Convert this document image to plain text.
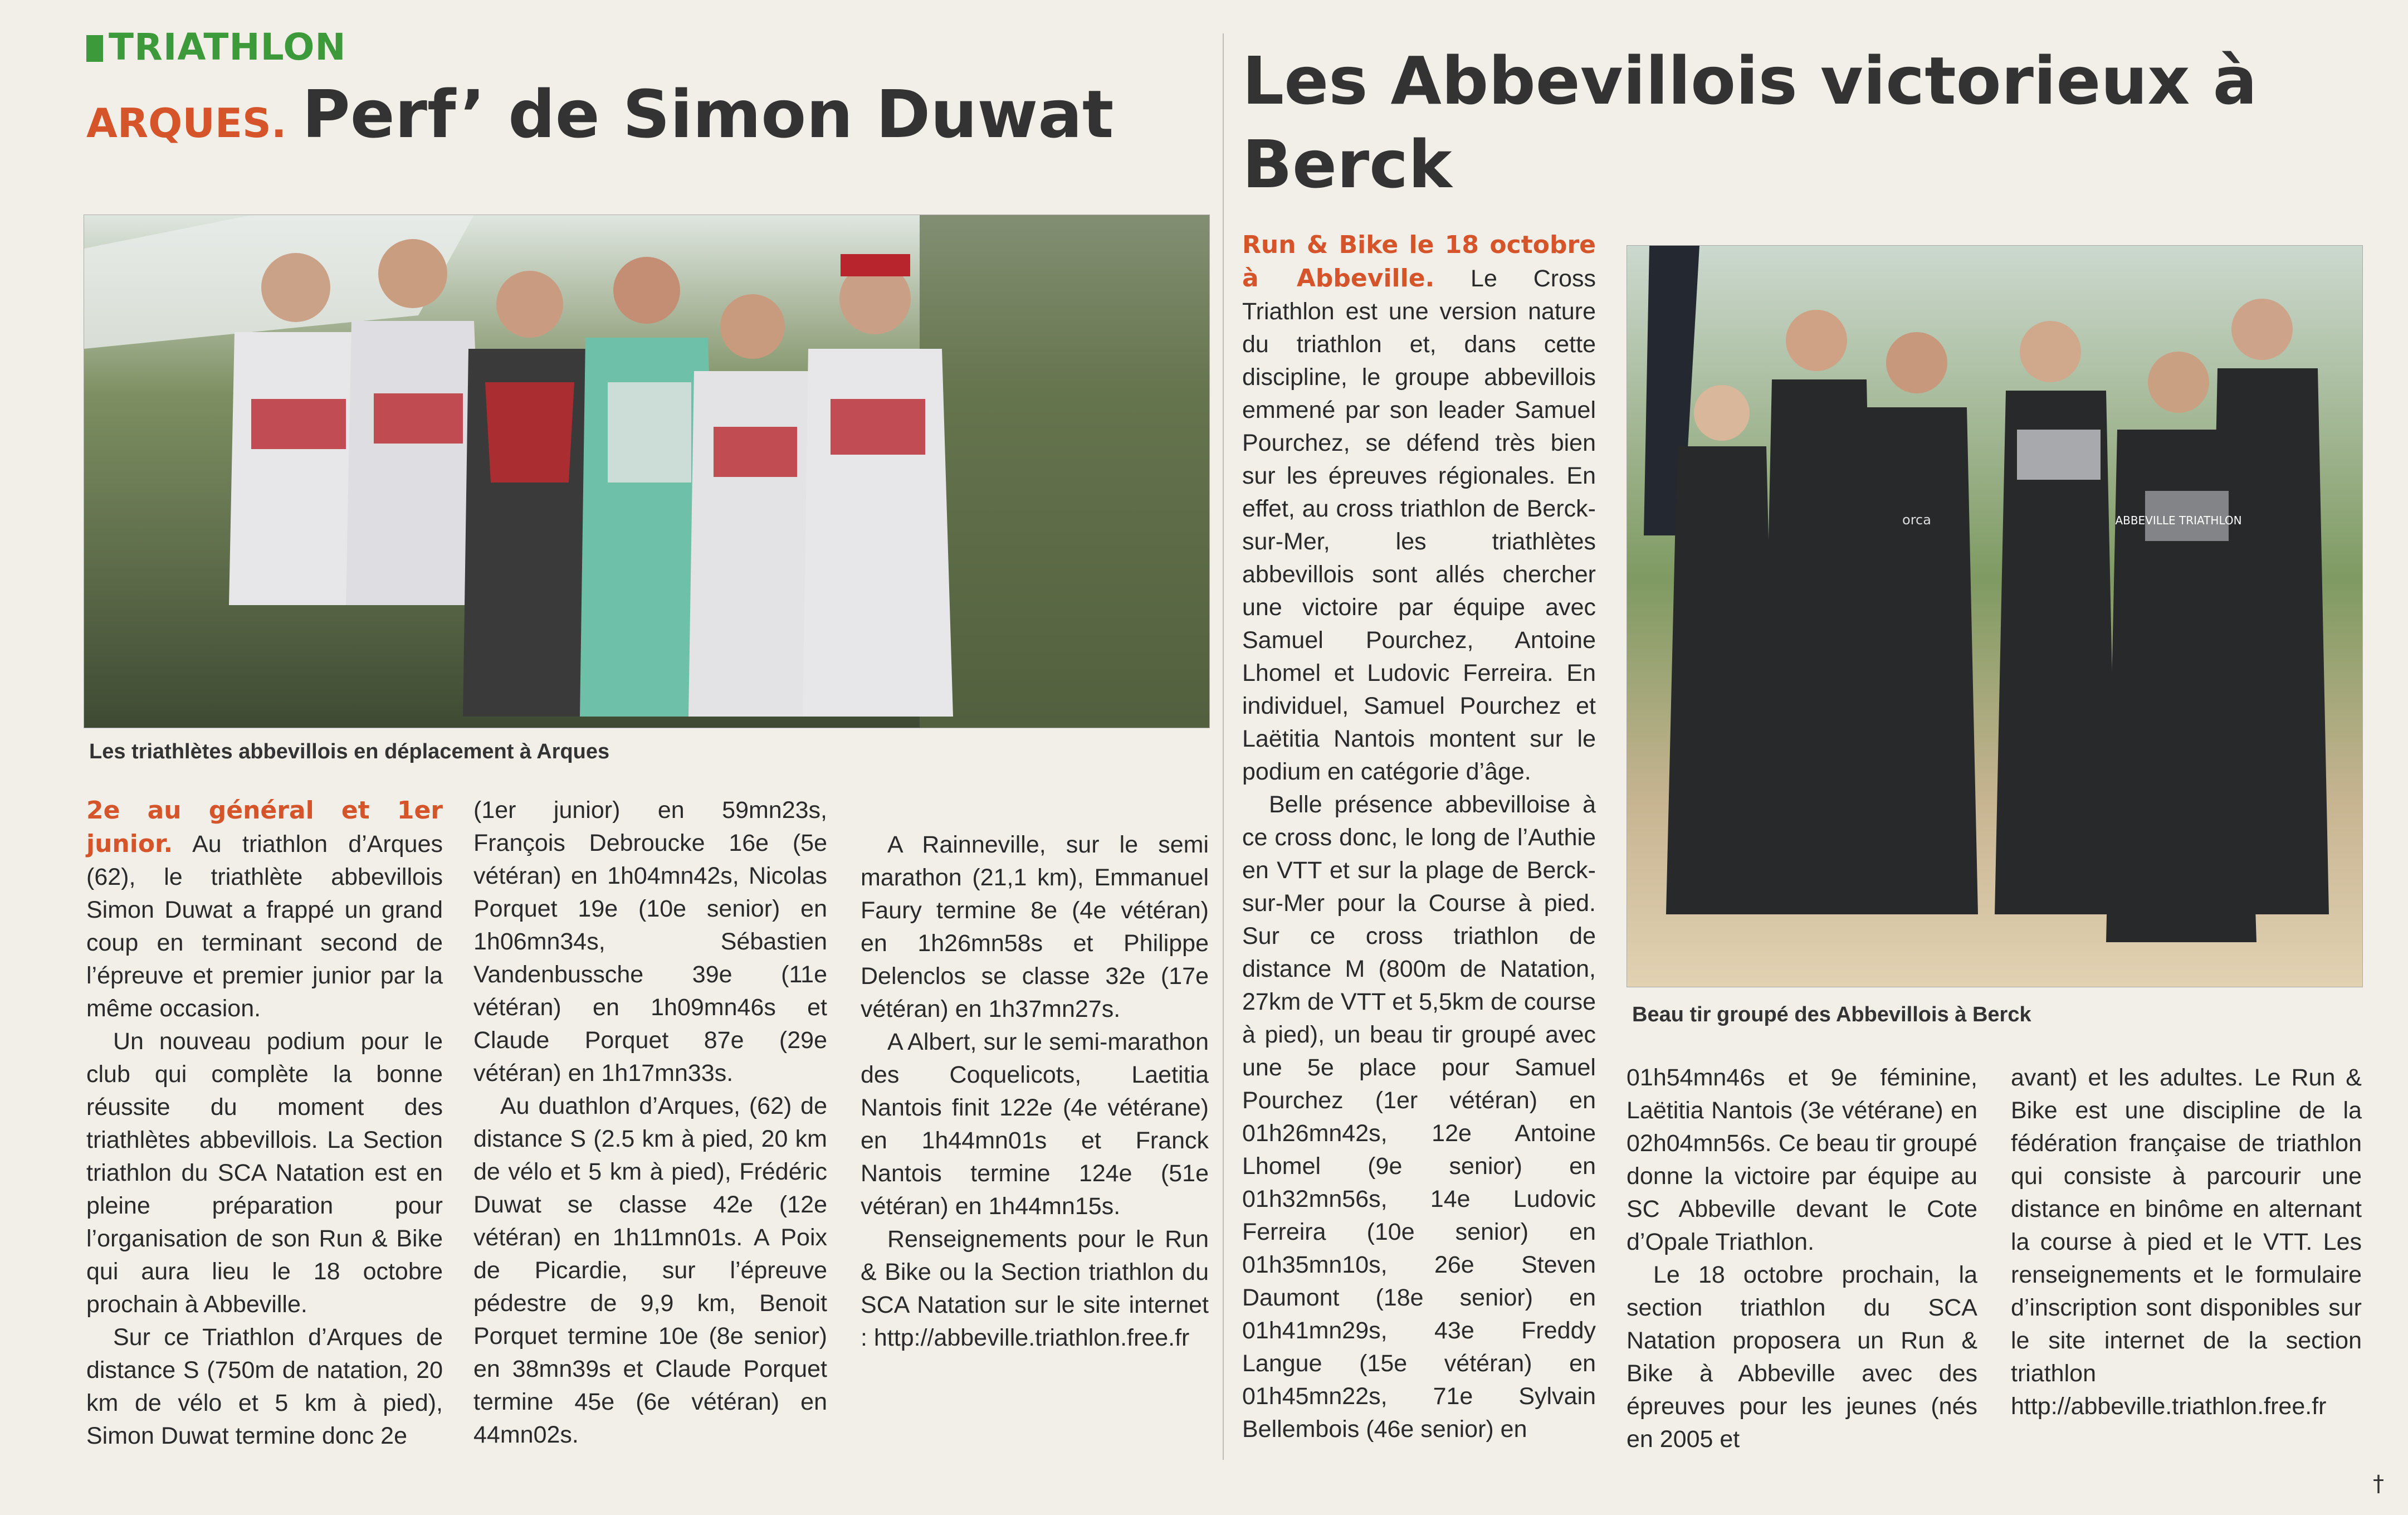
TRIATHLON
ARQUES. Perf’ de Simon Duwat Les Abbevillois victorieux à Berck
Les triathlètes abbevillois en déplacement à Arques

2e au général et 1er junior. Au triathlon d’Arques (62), le triathlète abbevillois Simon Duwat a frappé un grand coup en terminant second de l’épreuve et premier junior par la même occasion.

Un nouveau podium pour le club qui complète la bonne réussite du moment des triathlètes abbevillois. La Section triathlon du SCA Natation est en pleine préparation pour l’organisation de son Run & Bike qui aura lieu le 18 octobre prochain à Abbeville.

Sur ce Triathlon d’Arques de distance S (750m de natation, 20 km de vélo et 5 km à pied), Simon Duwat termine donc 2e

(1er junior) en 59mn23s, François Debroucke 16e (5e vétéran) en 1h04mn42s, Nicolas Porquet 19e (10e senior) en 1h06mn34s, Sébastien Vandenbussche 39e (11e vétéran) en 1h09mn46s et Claude Porquet 87e (29e vétéran) en 1h17mn33s.

Au duathlon d’Arques, (62) de distance S (2.5 km à pied, 20 km de vélo et 5 km à pied), Frédéric Duwat se classe 42e (12e vétéran) en 1h11mn01s. A Poix de Picardie, sur l’épreuve pédestre de 9,9 km, Benoit Porquet termine 10e (8e senior) en 38mn39s et Claude Porquet termine 45e (6e vétéran) en 44mn02s.

A Rainneville, sur le semi marathon (21,1 km), Emmanuel Faury termine 8e (4e vétéran) en 1h26mn58s et Philippe Delenclos se classe 32e (17e vétéran) en 1h37mn27s.

A Albert, sur le semi-marathon des Coquelicots, Laetitia Nantois finit 122e (4e vétérane) en 1h44mn01s et Franck Nantois termine 124e (51e vétéran) en 1h44mn15s.

Renseignements pour le Run & Bike ou la Section triathlon du SCA Natation sur le site internet : http://abbeville.triathlon.free.fr

Run & Bike le 18 octobre à Abbeville. Le Cross Triathlon est une version nature du triathlon et, dans cette discipline, le groupe abbevillois emmené par son leader Samuel Pourchez, se défend très bien sur les épreuves régionales. En effet, au cross triathlon de Berck-sur-Mer, les triathlètes abbevillois sont allés chercher une victoire par équipe avec Samuel Pourchez, Antoine Lhomel et Ludovic Ferreira. En individuel, Samuel Pourchez et Laëtitia Nantois montent sur le podium en catégorie d’âge.

Belle présence abbevilloise à ce cross donc, le long de l’Authie en VTT et sur la plage de Berck-sur-Mer pour la Course à pied. Sur ce cross triathlon de distance M (800m de Natation, 27km de VTT et 5,5km de course à pied), un beau tir groupé avec une 5e place pour Samuel Pourchez (1er vétéran) en 01h26mn42s, 12e Antoine Lhomel (9e senior) en 01h32mn56s, 14e Ludovic Ferreira (10e senior) en 01h35mn10s, 26e Steven Daumont (18e senior) en 01h41mn29s, 43e Freddy Langue (15e vétéran) en 01h45mn22s, 71e Sylvain Bellembois (46e senior) en

ABBEVILLE TRIATHLON
orca
Beau tir groupé des Abbevillois à Berck

01h54mn46s et 9e féminine, Laëtitia Nantois (3e vétérane) en 02h04mn56s. Ce beau tir groupé donne la victoire par équipe au SC Abbeville devant le Cote d’Opale Triathlon.

Le 18 octobre prochain, la section triathlon du SCA Natation proposera un Run & Bike à Abbeville avec des épreuves pour les jeunes (nés en 2005 et

avant) et les adultes. Le Run & Bike est une discipline de la fédération française de triathlon qui consiste à parcourir une distance en binôme en alternant la course à pied et le VTT. Les renseignements et le formulaire d’inscription sont disponibles sur le site internet de la section triathlon http://abbeville.triathlon.free.fr

†
